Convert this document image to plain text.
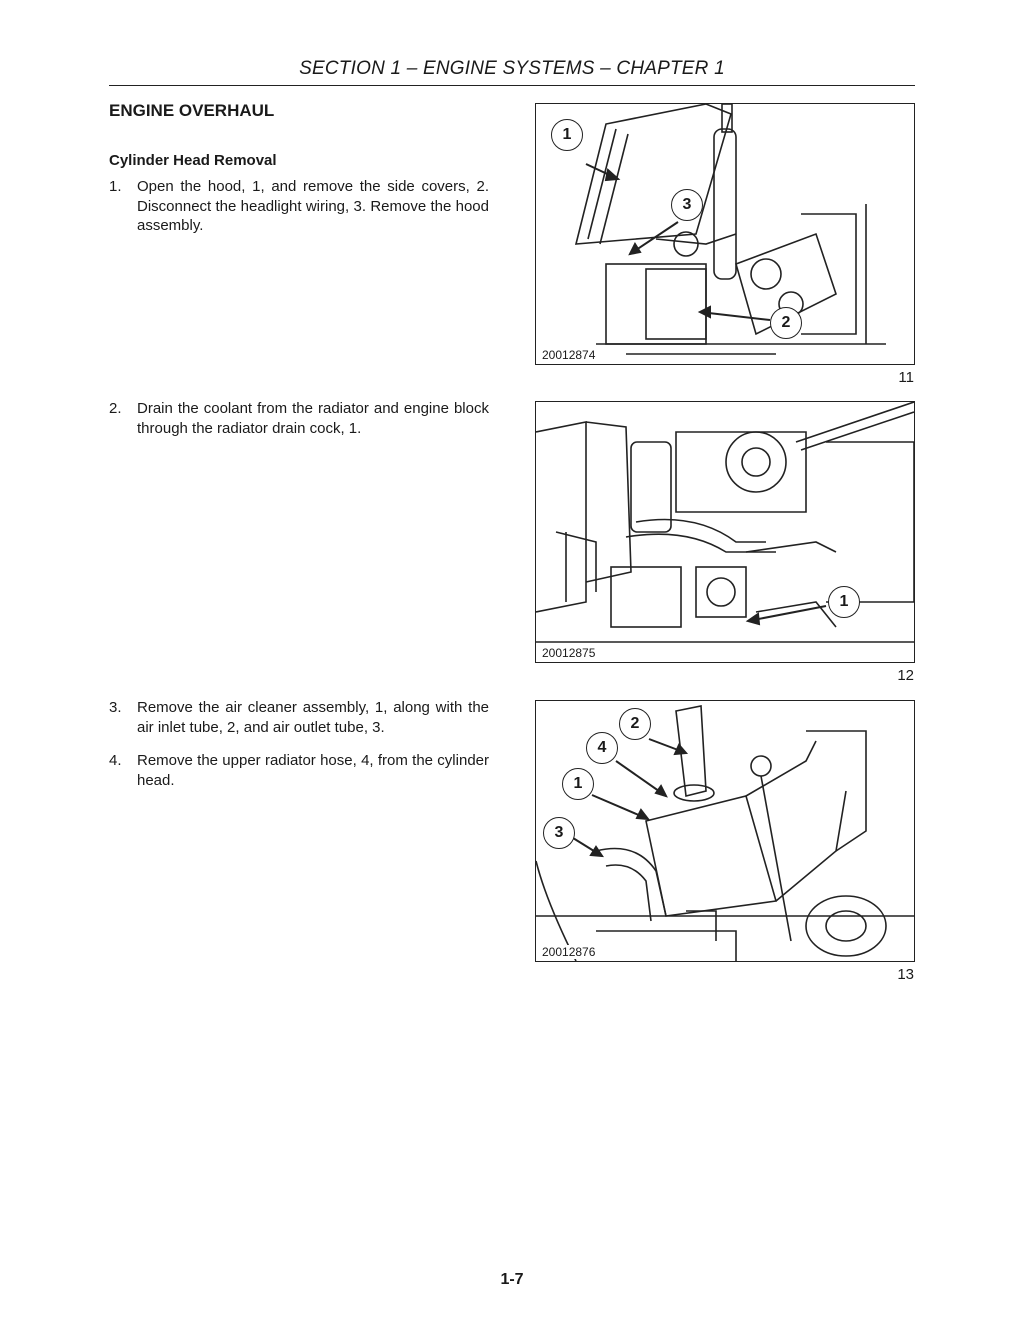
SECTION 1 – ENGINE SYSTEMS – CHAPTER 1
ENGINE OVERHAUL
Cylinder Head Removal
1. Open the hood, 1, and remove the side covers, 2. Disconnect the headlight wiring, 3. Remove the hood assembly.
2. Drain the coolant from the radiator and engine block through the radiator drain cock, 1.
3. Remove the air cleaner assembly, 1, along with the air inlet tube, 2, and air outlet tube, 3.
4. Remove the upper radiator hose, 4, from the cylinder head.
1
3
2
20012874
11
1
20012875
12
2
4
1
3
20012876
13
1-7
